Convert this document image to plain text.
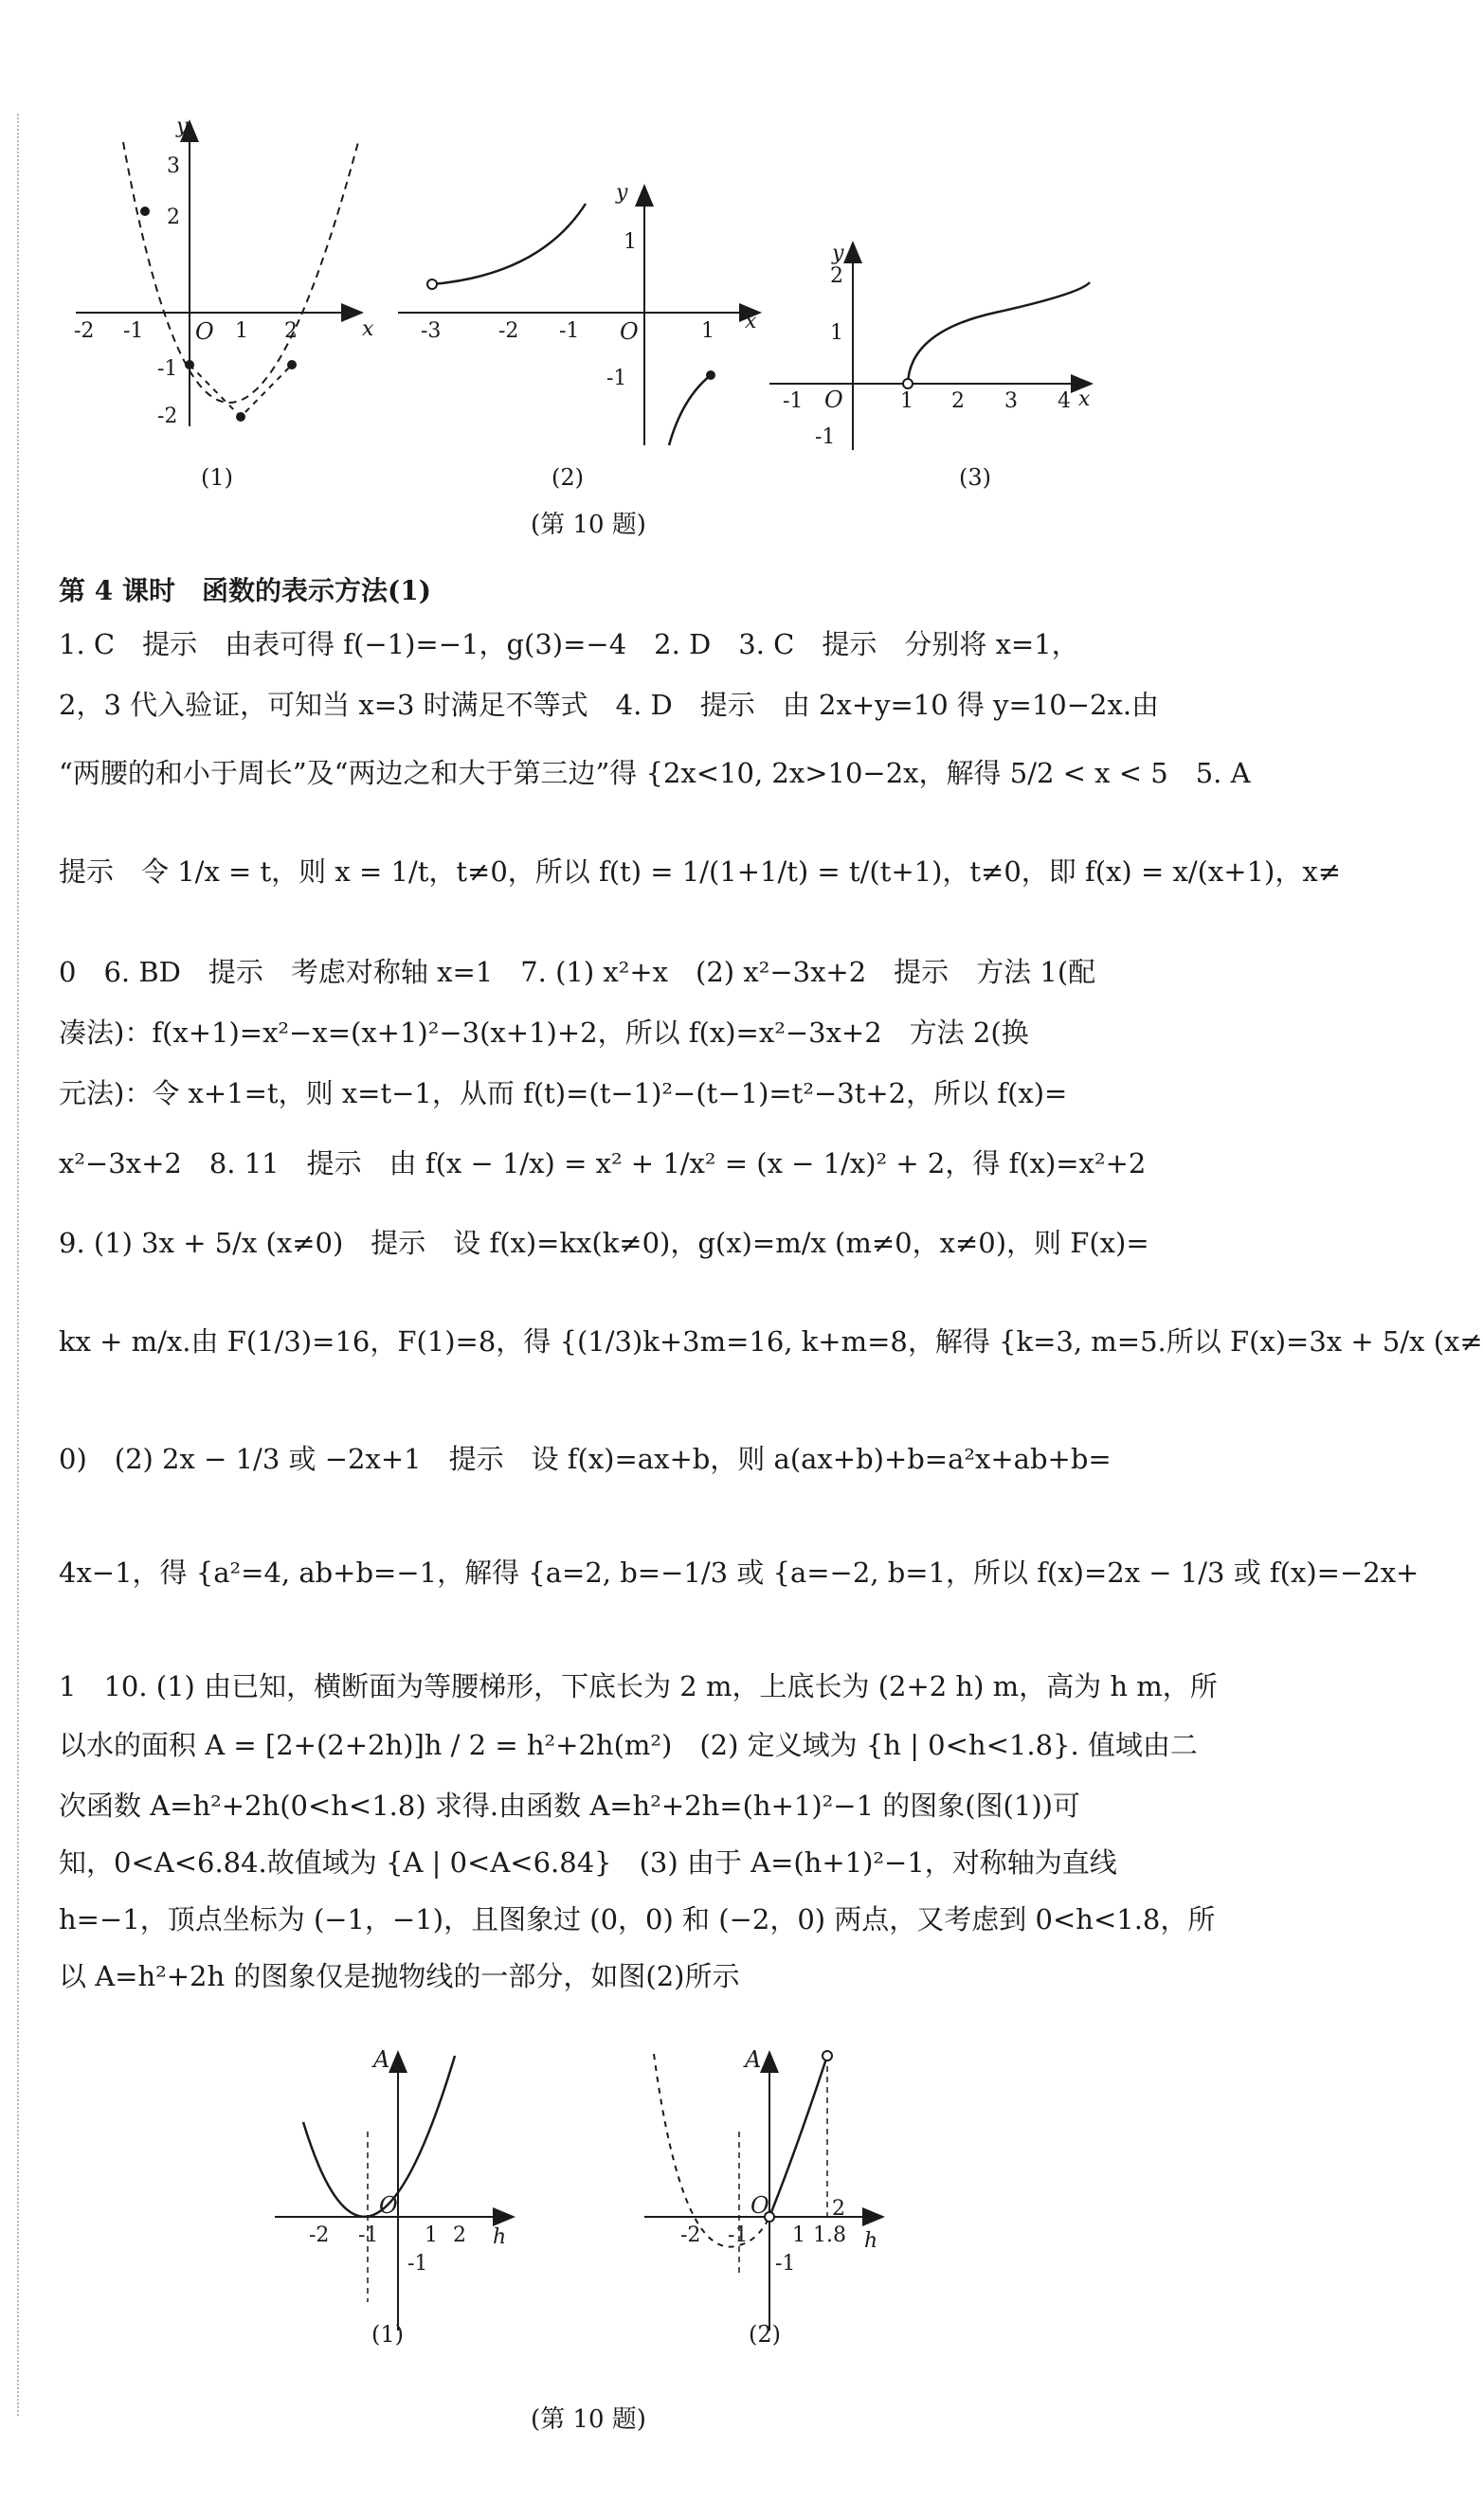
y
x
O
3
2
-1
-2
-2 -1	1 2
(1)
y
x
O
1
-1
-3	-2 -1	1
(2)
y
x
O
2
1
-1
-1	1 2 3 4
(3)
(第 10 题)
第 4 课时　函数的表示方法(1)
1. C　提示　由表可得 f(−1)=−1，g(3)=−4　2. D　3. C　提示　分别将 x=1，
2，3 代入验证，可知当 x=3 时满足不等式　4. D　提示　由 2x+y=10 得 y=10−2x.由
“两腰的和小于周长”及“两边之和大于第三边”得 {2x<10, 2x>10−2x，解得 5/2 < x < 5　5. A
提示　令 1/x = t，则 x = 1/t，t≠0，所以 f(t) = 1/(1+1/t) = t/(t+1)，t≠0，即 f(x) = x/(x+1)，x≠
0　6. BD　提示　考虑对称轴 x=1　7. (1) x²+x　(2) x²−3x+2　提示　方法 1(配
凑法)：f(x+1)=x²−x=(x+1)²−3(x+1)+2，所以 f(x)=x²−3x+2　方法 2(换
元法)：令 x+1=t，则 x=t−1，从而 f(t)=(t−1)²−(t−1)=t²−3t+2，所以 f(x)=
x²−3x+2　8. 11　提示　由 f(x − 1/x) = x² + 1/x² = (x − 1/x)² + 2，得 f(x)=x²+2
9. (1) 3x + 5/x (x≠0)　提示　设 f(x)=kx(k≠0)，g(x)=m/x (m≠0，x≠0)，则 F(x)=
kx + m/x.由 F(1/3)=16，F(1)=8，得 {(1/3)k+3m=16, k+m=8，解得 {k=3, m=5.所以 F(x)=3x + 5/x (x≠
0)　(2) 2x − 1/3 或 −2x+1　提示　设 f(x)=ax+b，则 a(ax+b)+b=a²x+ab+b=
4x−1，得 {a²=4, ab+b=−1，解得 {a=2, b=−1/3 或 {a=−2, b=1，所以 f(x)=2x − 1/3 或 f(x)=−2x+
1　10. (1) 由已知，横断面为等腰梯形，下底长为 2 m，上底长为 (2+2 h) m，高为 h m，所
以水的面积 A = [2+(2+2h)]h / 2 = h²+2h(m²)　(2) 定义域为 {h | 0<h<1.8}. 值域由二
次函数 A=h²+2h(0<h<1.8) 求得.由函数 A=h²+2h=(h+1)²−1 的图象(图(1))可
知，0<A<6.84.故值域为 {A | 0<A<6.84}　(3) 由于 A=(h+1)²−1，对称轴为直线
h=−1，顶点坐标为 (−1，−1)，且图象过 (0，0) 和 (−2，0) 两点，又考虑到 0<h<1.8，所
以 A=h²+2h 的图象仅是抛物线的一部分，如图(2)所示
A
h
O
-2 -1 1 2
-1
(1)
A
h
O
-2 -1 1 1.8
2
-1
(2)
(第 10 题)
